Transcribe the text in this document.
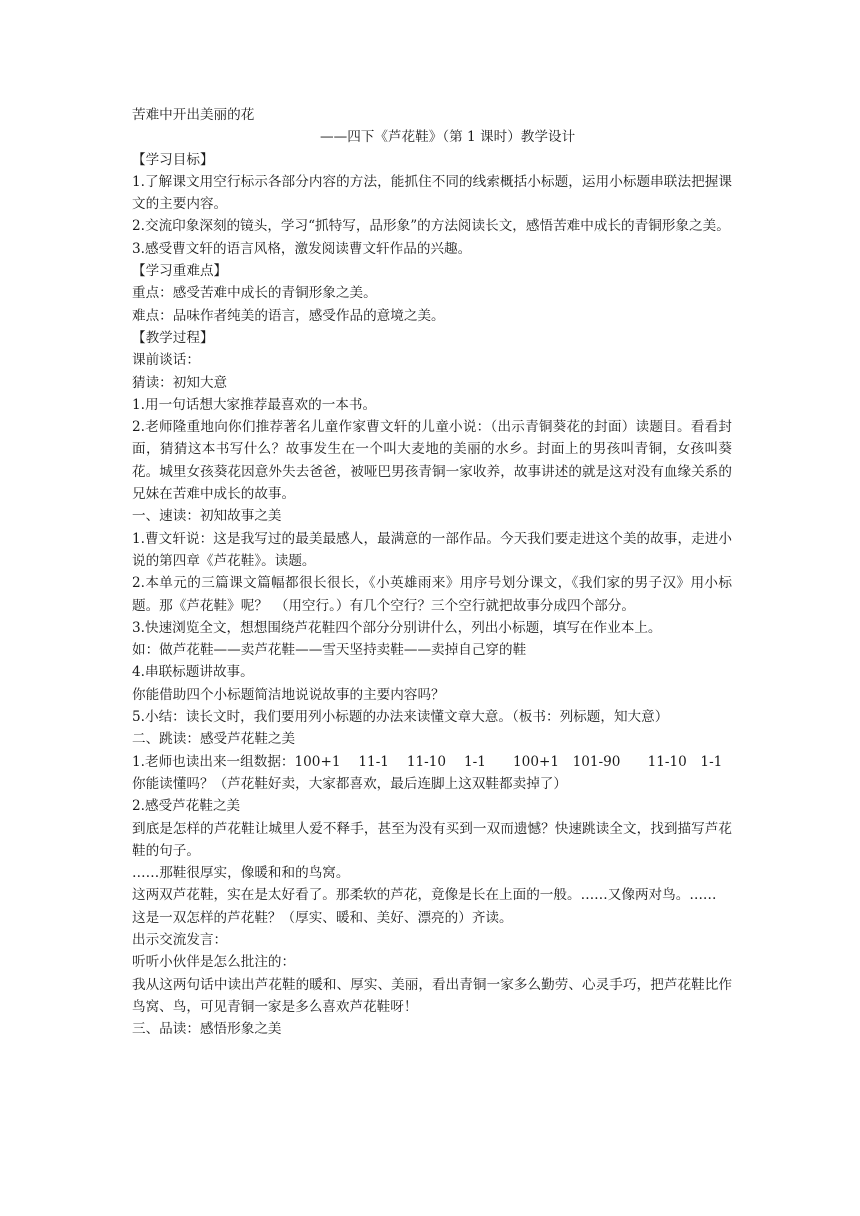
苦难中开出美丽的花

——四下《芦花鞋》（第 1 课时）教学设计

【学习目标】

1.了解课文用空行标示各部分内容的方法，能抓住不同的线索概括小标题，运用小标题串联法把握课文的主要内容。

2.交流印象深刻的镜头，学习“抓特写，品形象”的方法阅读长文，感悟苦难中成长的青铜形象之美。

3.感受曹文轩的语言风格，激发阅读曹文轩作品的兴趣。

【学习重难点】

重点：感受苦难中成长的青铜形象之美。

难点：品味作者纯美的语言，感受作品的意境之美。

【教学过程】

课前谈话：

猜读：初知大意

1.用一句话想大家推荐最喜欢的一本书。

2.老师隆重地向你们推荐著名儿童作家曹文轩的儿童小说：（出示青铜葵花的封面）读题目。看看封面，猜猜这本书写什么？故事发生在一个叫大麦地的美丽的水乡。封面上的男孩叫青铜，女孩叫葵花。城里女孩葵花因意外失去爸爸，被哑巴男孩青铜一家收养，故事讲述的就是这对没有血缘关系的兄妹在苦难中成长的故事。

一、速读：初知故事之美

1.曹文轩说：这是我写过的最美最感人，最满意的一部作品。今天我们要走进这个美的故事，走进小说的第四章《芦花鞋》。读题。

2.本单元的三篇课文篇幅都很长很长，《小英雄雨来》用序号划分课文，《我们家的男子汉》用小标题。那《芦花鞋》呢？　（用空行。）有几个空行？三个空行就把故事分成四个部分。

3.快速浏览全文，想想围绕芦花鞋四个部分分别讲什么，列出小标题，填写在作业本上。

如：做芦花鞋——卖芦花鞋——雪天坚持卖鞋——卖掉自己穿的鞋

4.串联标题讲故事。

你能借助四个小标题简洁地说说故事的主要内容吗？

5.小结：读长文时，我们要用列小标题的办法来读懂文章大意。（板书：列标题，知大意）

二、跳读：感受芦花鞋之美

1.老师也读出来一组数据：100+1　 11-1　 11-10　 1-1　　100+1　101-90　　11-10　1-1

你能读懂吗？（芦花鞋好卖，大家都喜欢，最后连脚上这双鞋都卖掉了）

2.感受芦花鞋之美

到底是怎样的芦花鞋让城里人爱不释手，甚至为没有买到一双而遗憾？快速跳读全文，找到描写芦花鞋的句子。

……那鞋很厚实，像暖和和的鸟窝。

这两双芦花鞋，实在是太好看了。那柔软的芦花，竟像是长在上面的一般。……又像两对鸟。……

这是一双怎样的芦花鞋？（厚实、暖和、美好、漂亮的）齐读。

出示交流发言：

听听小伙伴是怎么批注的：

我从这两句话中读出芦花鞋的暖和、厚实、美丽，看出青铜一家多么勤劳、心灵手巧，把芦花鞋比作鸟窝、鸟，可见青铜一家是多么喜欢芦花鞋呀！

三、品读：感悟形象之美
